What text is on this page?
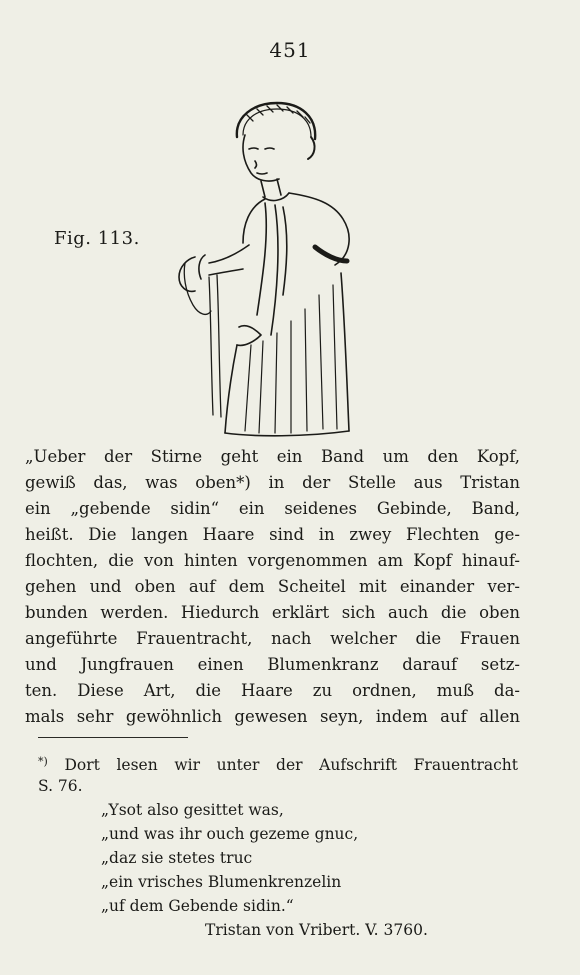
451
Fig. 113.
„Ueber der Stirne geht ein Band um den Kopf,
gewiß das, was oben*) in der Stelle aus Tristan
ein „gebende sidin“ ein seidenes Gebinde, Band,
heißt. Die langen Haare sind in zwey Flechten ge-
flochten, die von hinten vorgenommen am Kopf hinauf-
gehen und oben auf dem Scheitel mit einander ver-
bunden werden. Hiedurch erklärt sich auch die oben
angeführte Frauentracht, nach welcher die Frauen
und Jungfrauen einen Blumenkranz darauf setz-
ten. Diese Art, die Haare zu ordnen, muß da-
mals sehr gewöhnlich gewesen seyn, indem auf allen
*) Dort lesen wir unter der Aufschrift Frauentracht
S. 76.
„Ysot also gesittet was,
„und was ihr ouch gezeme gnuc,
„daz sie stetes truc
„ein vrisches Blumenkrenzelin
„uf dem Gebende sidin.“
Tristan von Vribert. V. 3760.
